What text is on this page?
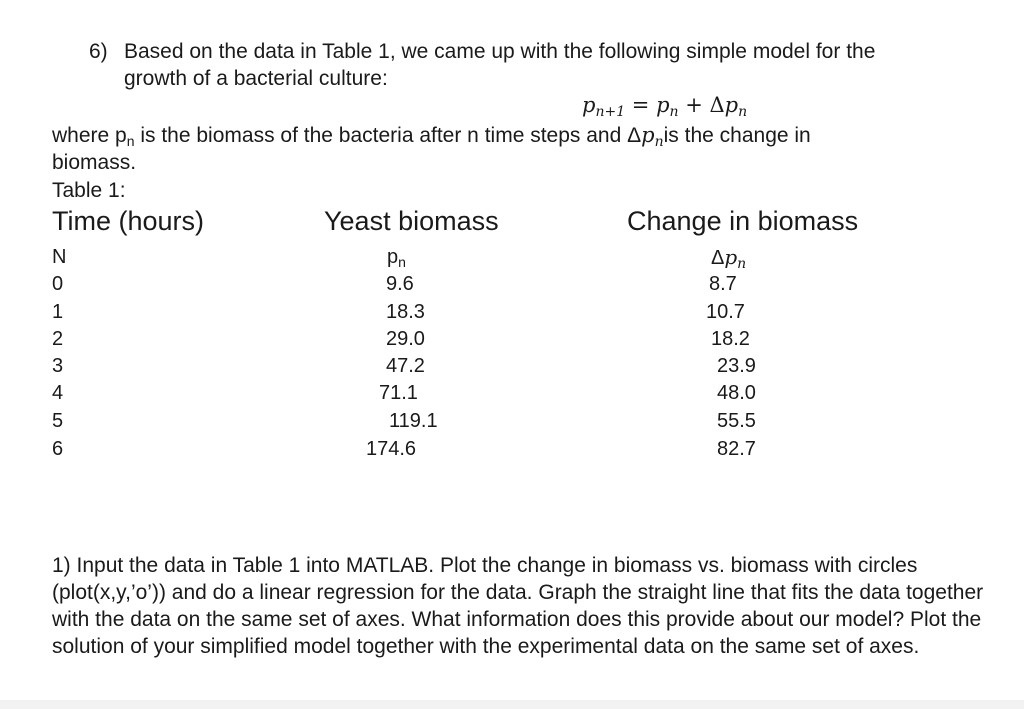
6) Based on the data in Table 1, we came up with the following simple model for the
growth of a bacterial culture:
$p_{n+1} = p_n + \Delta p_n$
where $p_n$ is the biomass of the bacteria after n time steps and $\Delta p_nis$ the change in
biomass.
Table 1:
Time (hours)	Yeast biomass	Change in biomass
N	$p_n$	$\Delta p_n$
0	9.6	8.7
1	18.3	10.7
2	29.0	18.2
3	47.2	23.9
4	71.1	48.0
5	119.1	55.5
6	174.6	82.7
1) Input the data in Table 1 into MATLAB. Plot the change in biomass vs. biomass with circles (plot(x,y,’o’)) and do a linear regression for the data. Graph the straight line that fits the data together with the data on the same set of axes. What information does this provide about our model? Plot the solution of your simplified model together with the experimental data on the same set of axes.
